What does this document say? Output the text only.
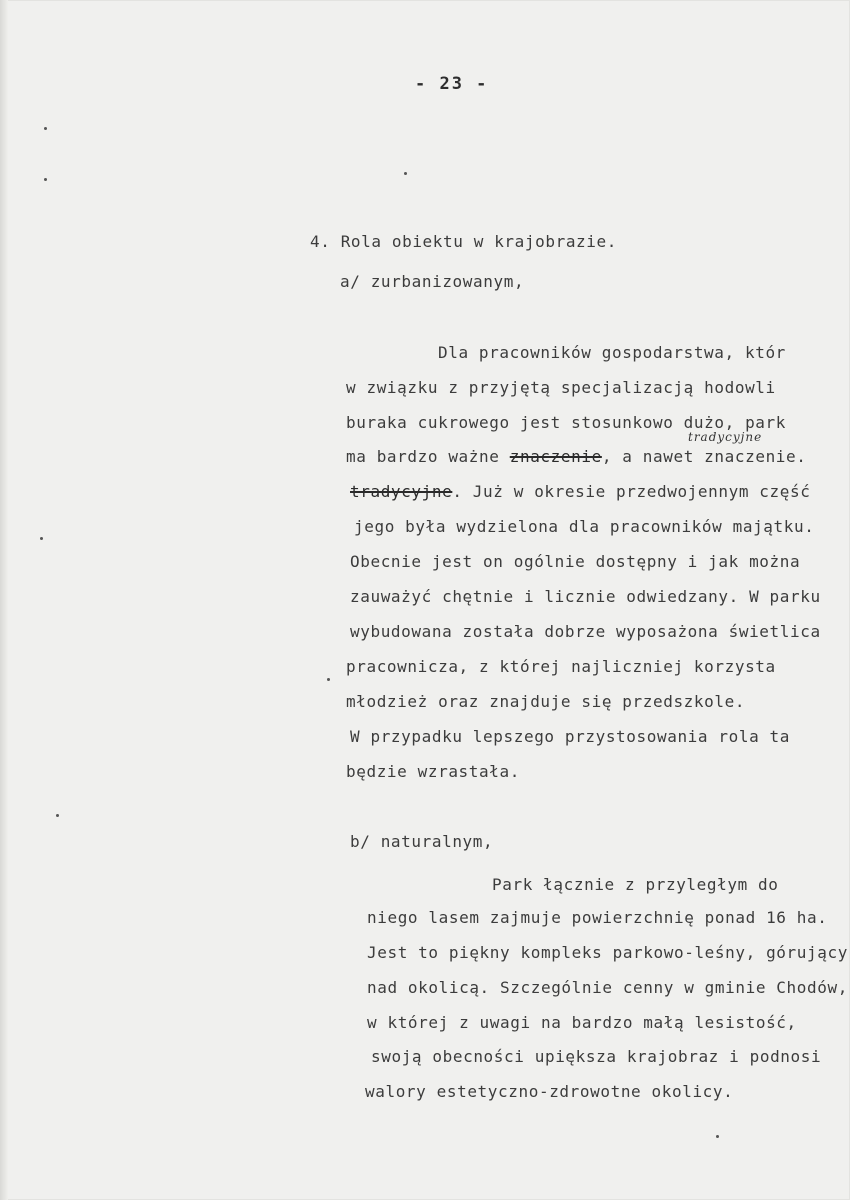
- 23 -
4. Rola obiektu w krajobrazie.
a/ zurbanizowanym,
Dla pracowników gospodarstwa, któr
w związku z przyjętą specjalizacją hodowli
buraka cukrowego jest stosunkowo dużo, park
ma bardzo ważne znaczenie, a nawet znaczenie.
tradycyjne
tradycyjne. Już w okresie przedwojennym część
jego była wydzielona dla pracowników majątku.
Obecnie jest on ogólnie dostępny i jak można
zauważyć chętnie i licznie odwiedzany. W parku
wybudowana została dobrze wyposażona świetlica
pracownicza, z której najliczniej korzysta
młodzież oraz znajduje się przedszkole.
W przypadku lepszego przystosowania rola ta
będzie wzrastała.
b/ naturalnym,
Park łącznie z przyległym do
niego lasem zajmuje powierzchnię ponad 16 ha.
Jest to piękny kompleks parkowo-leśny, górujący
nad okolicą. Szczególnie cenny w gminie Chodów,
w której z uwagi na bardzo małą lesistość,
swoją obecności upiększa krajobraz i podnosi
walory estetyczno-zdrowotne okolicy.
